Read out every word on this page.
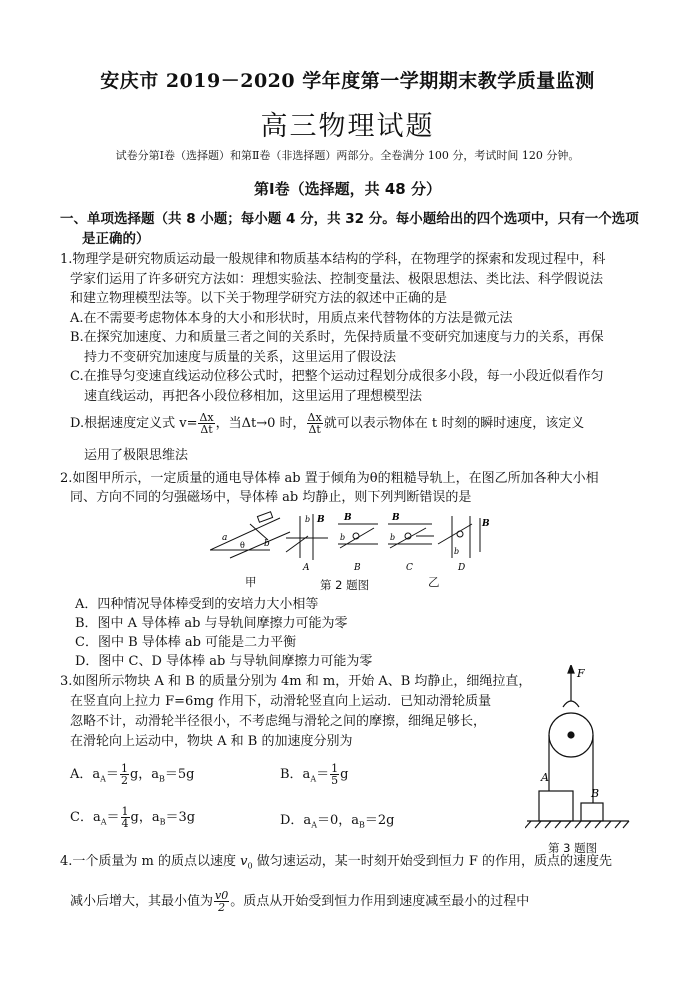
安庆市 2019－2020 学年度第一学期期末教学质量监测
高三物理试题
试卷分第Ⅰ卷（选择题）和第Ⅱ卷（非选择题）两部分。全卷满分 100 分，考试时间 120 分钟。
第Ⅰ卷（选择题，共 48 分）
一、单项选择题（共 8 小题；每小题 4 分，共 32 分。每小题给出的四个选项中，只有一个选项
是正确的）
1.物理学是研究物质运动最一般规律和物质基本结构的学科，在物理学的探索和发现过程中，科
学家们运用了许多研究方法如：理想实验法、控制变量法、极限思想法、类比法、科学假说法
和建立物理模型法等。以下关于物理学研究方法的叙述中正确的是
A.在不需要考虑物体本身的大小和形状时，用质点来代替物体的方法是微元法
B.在探究加速度、力和质量三者之间的关系时，先保持质量不变研究加速度与力的关系，再保
持力不变研究加速度与质量的关系，这里运用了假设法
C.在推导匀变速直线运动位移公式时，把整个运动过程划分成很多小段，每一小段近似看作匀
速直线运动，再把各小段位移相加，这里运用了理想模型法
D.根据速度定义式 $v= \frac{\Delta x}{\Delta t}$ ，当Δt→0 时， $\frac{\Delta x}{\Delta t}$ 就可以表示物体在 t 时刻的瞬时速度，该定义
运用了极限思维法
2.如图甲所示，一定质量的通电导体棒 ab 置于倾角为θ的粗糙导轨上，在图乙所加各种大小相
同、方向不同的匀强磁场中，导体棒 ab 均静止，则下列判断错误的是
a
b
θ
b B
A
B
b
B
B
b
C
B
b
D
甲	第 2 题图	乙
A．四种情况导体棒受到的安培力大小相等
B．图中 A 导体棒 ab 与导轨间摩擦力可能为零
C．图中 B 导体棒 ab 可能是二力平衡
D．图中 C、D 导体棒 ab 与导轨间摩擦力可能为零
3.如图所示物块 A 和 B 的质量分别为 4m 和 m，开始 A、B 均静止，细绳拉直，
在竖直向上拉力 F=6mg 作用下，动滑轮竖直向上运动．已知动滑轮质量
忽略不计，动滑轮半径很小，不考虑绳与滑轮之间的摩擦，细绳足够长，
在滑轮向上运动中，物块 A 和 B 的加速度分别为
A．$a_A= \frac{1}{2}$ g，$a_B=5g$	B．$a_A= \frac{1}{5}$ g
C．$a_A= \frac{1}{4}$ g，$a_B=3g$	D．$a_A=0$，$a_B=2g$
F
A
B
第 3 题图
4.一个质量为 m 的质点以速度 $v_0$ 做匀速运动，某一时刻开始受到恒力 F 的作用，质点的速度先
减小后增大，其最小值为 $\frac{v0}{2}$ 。质点从开始受到恒力作用到速度减至最小的过程中
